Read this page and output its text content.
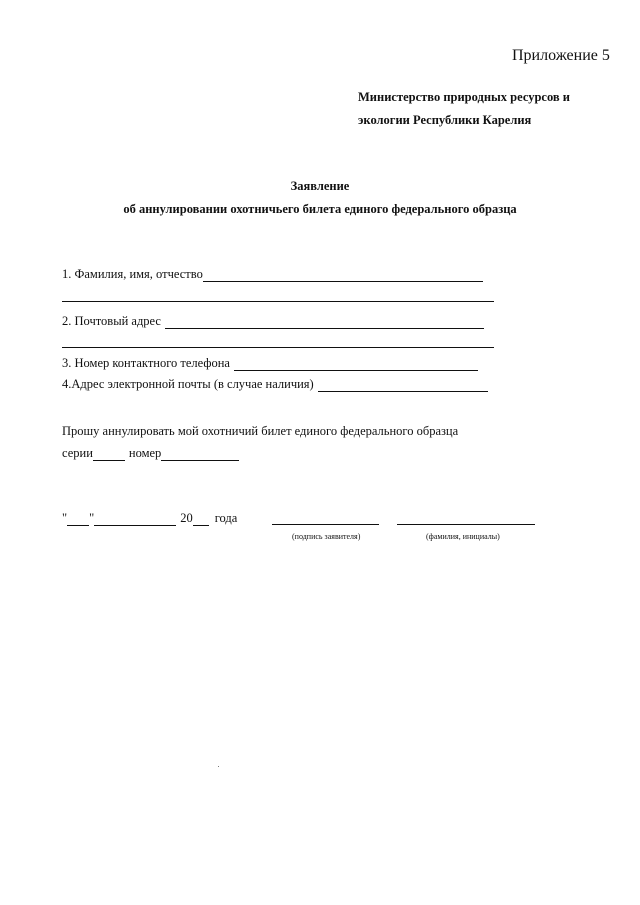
Приложение 5
Министерство природных ресурсов и
экологии Республики Карелия
Заявление
об аннулировании охотничьего билета единого федерального образца
1. Фамилия, имя, отчество
2. Почтовый адрес
3. Номер контактного телефона
4.Адрес электронной почты (в случае наличия)
Прошу аннулировать мой охотничий билет единого федерального образца
серии	номер
" "	20 года
(подпись заявителя)	(фамилия, инициалы)
